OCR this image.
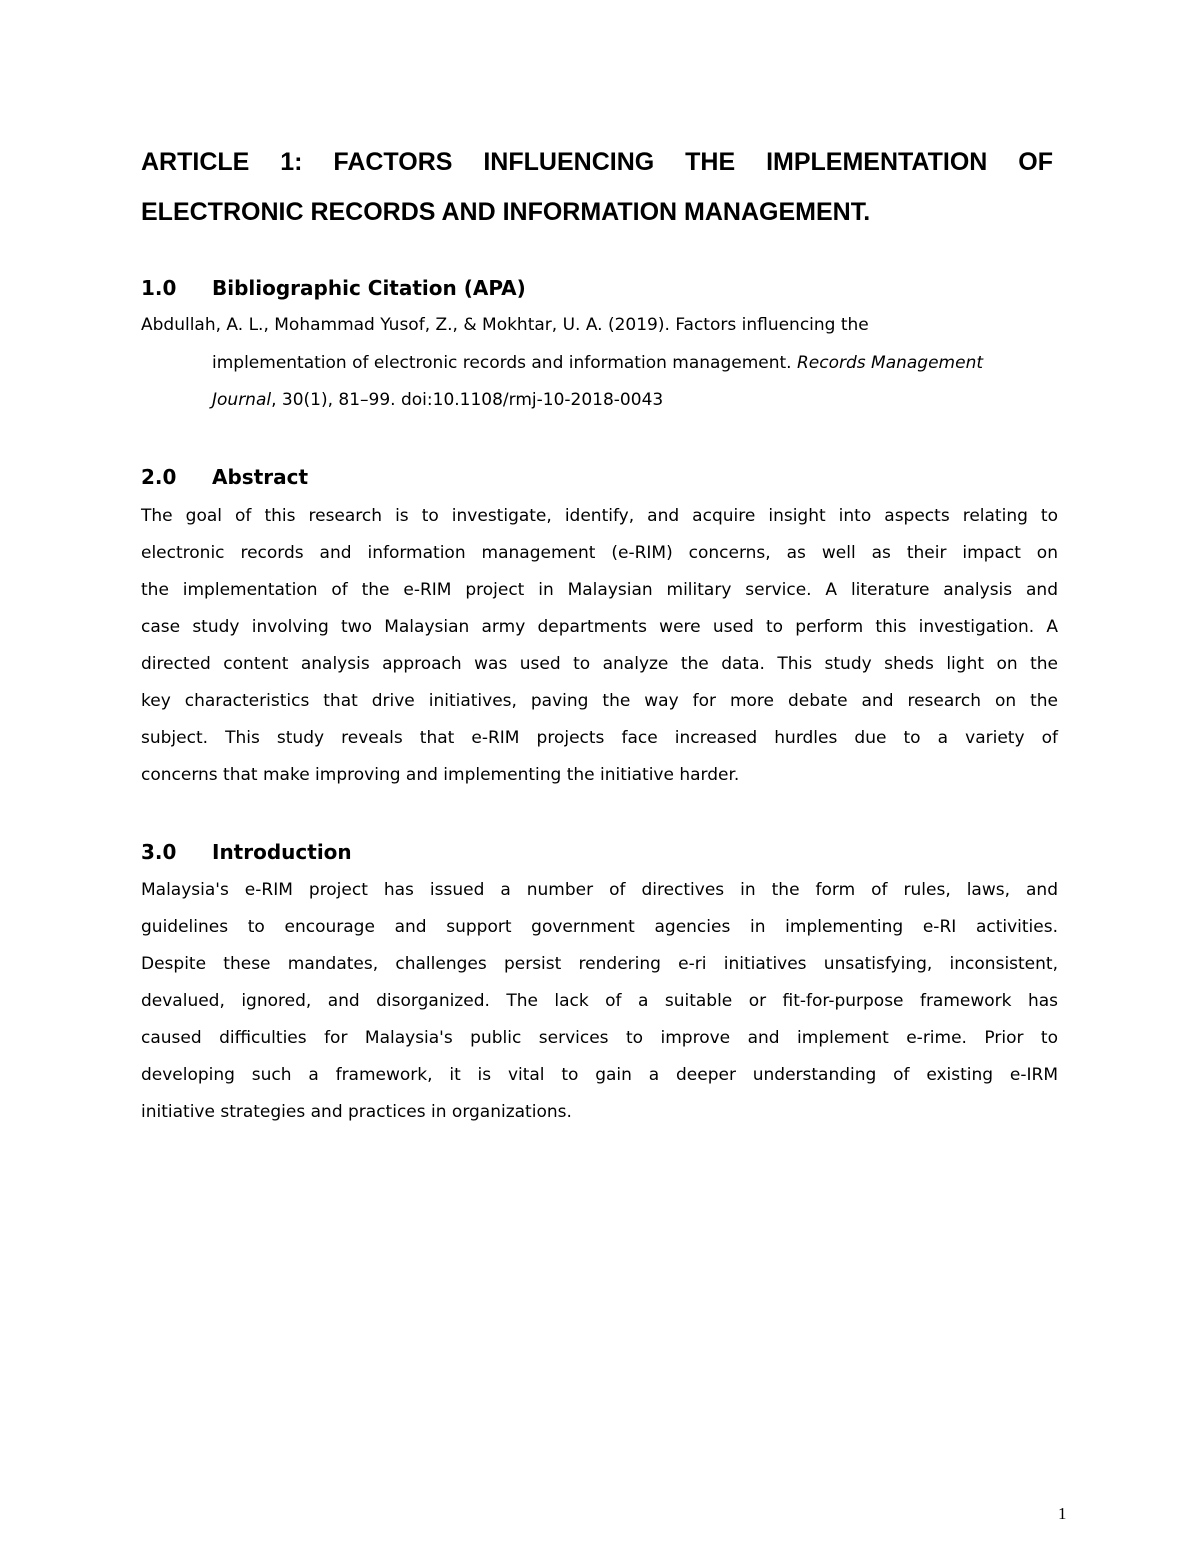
ARTICLE 1: FACTORS INFLUENCING THE IMPLEMENTATION OF
ELECTRONIC RECORDS AND INFORMATION MANAGEMENT.
1.0 Bibliographic Citation (APA)

Abdullah, A. L., Mohammad Yusof, Z., & Mokhtar, U. A. (2019). Factors influencing the
implementation of electronic records and information management. Records Management
Journal, 30(1), 81–99. doi:10.1108/rmj-10-2018-0043

2.0 Abstract
The goal of this research is to investigate, identify, and acquire insight into aspects relating to
electronic records and information management (e-RIM) concerns, as well as their impact on
the implementation of the e-RIM project in Malaysian military service. A literature analysis and
case study involving two Malaysian army departments were used to perform this investigation. A
directed content analysis approach was used to analyze the data. This study sheds light on the
key characteristics that drive initiatives, paving the way for more debate and research on the
subject. This study reveals that e-RIM projects face increased hurdles due to a variety of
concerns that make improving and implementing the initiative harder.
3.0 Introduction
Malaysia's e-RIM project has issued a number of directives in the form of rules, laws, and
guidelines to encourage and support government agencies in implementing e-RI activities.
Despite these mandates, challenges persist rendering e-ri initiatives unsatisfying, inconsistent,
devalued, ignored, and disorganized. The lack of a suitable or fit-for-purpose framework has
caused difficulties for Malaysia's public services to improve and implement e-rime. Prior to
developing such a framework, it is vital to gain a deeper understanding of existing e-IRM
initiative strategies and practices in organizations.
1
